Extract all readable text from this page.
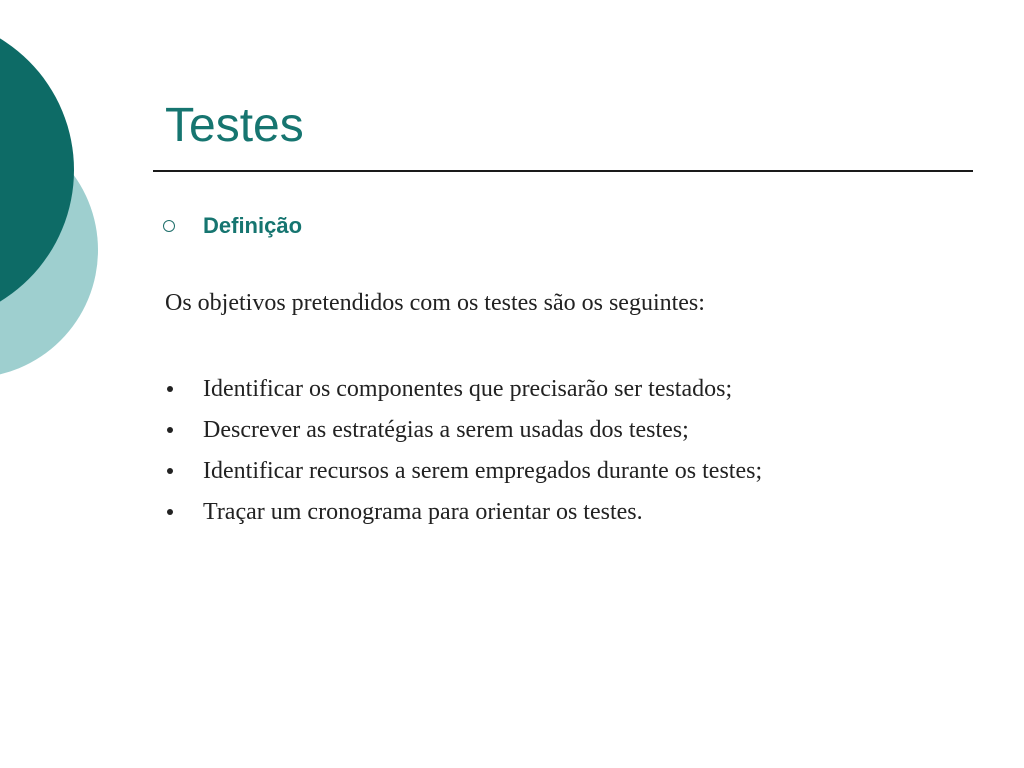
Testes
Definição

Os objetivos pretendidos com os testes são os seguintes:

Identificar os componentes que precisarão ser testados;
Descrever as estratégias a serem usadas dos testes;
Identificar recursos a serem empregados durante os testes;
Traçar um cronograma para orientar os testes.
